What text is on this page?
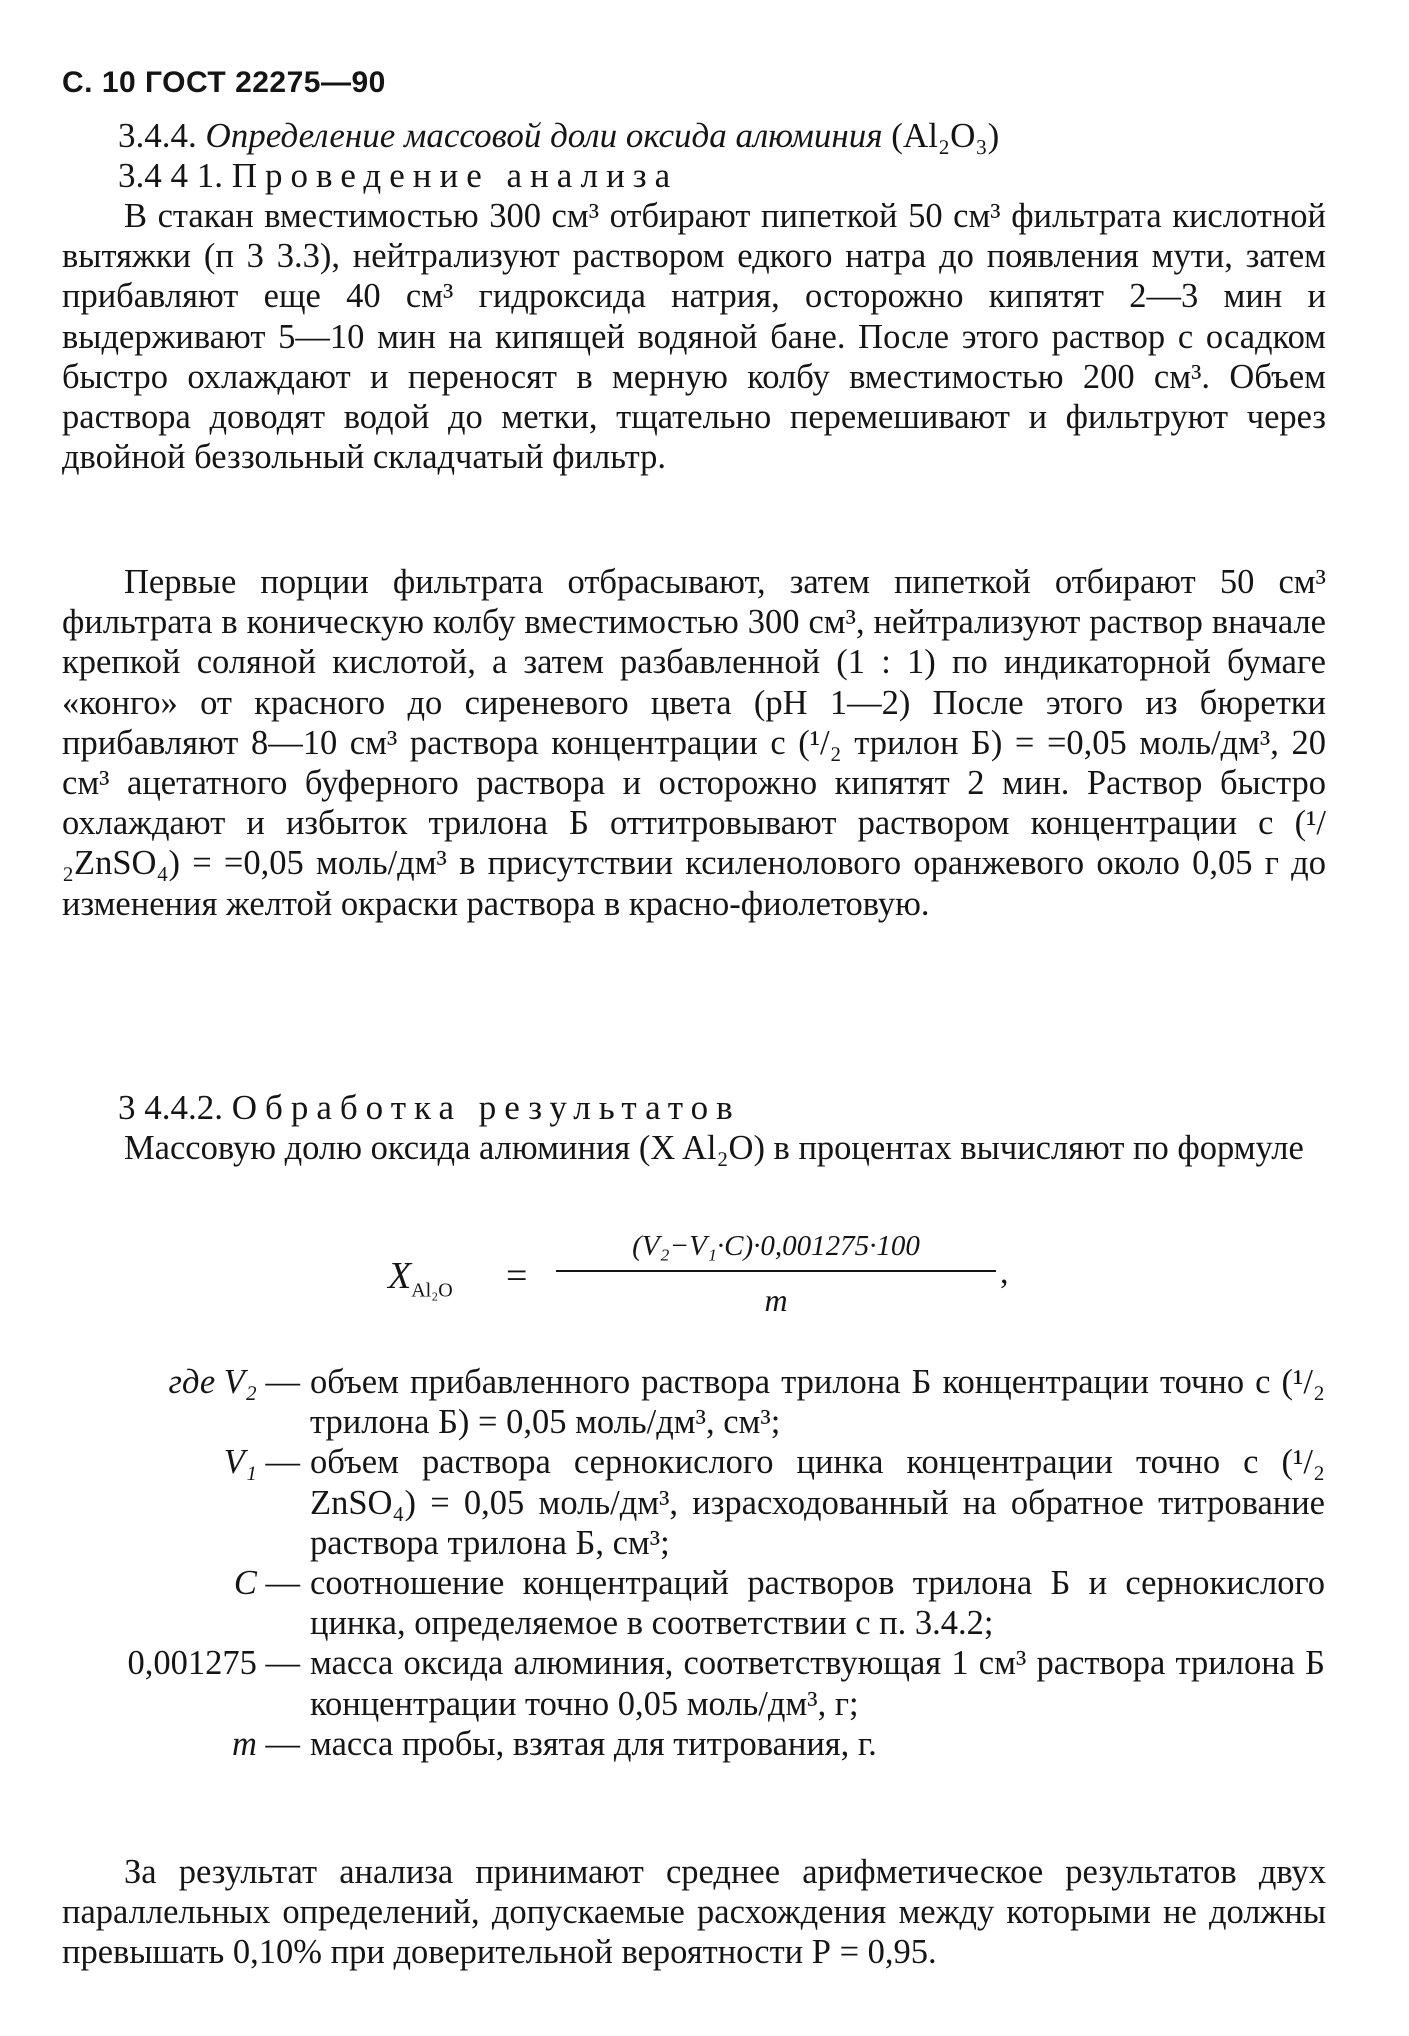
С. 10 ГОСТ 22275—90
3.4.4. Определение массовой доли оксида алюминия (Al₂O₃)
3.4 4 1. Проведение анализа
В стакан вместимостью 300 см³ отбирают пипеткой 50 см³ фильтрата кислотной вытяжки (п 3 3.3), нейтрализуют раствором едкого натра до появления мути, затем прибавляют еще 40 см³ гидроксида натрия, осторожно кипятят 2—3 мин и выдерживают 5—10 мин на кипящей водяной бане. После этого раствор с осадком быстро охлаждают и переносят в мерную колбу вместимостью 200 см³. Объем раствора доводят водой до метки, тщательно перемешивают и фильтруют через двойной беззольный складчатый фильтр.
Первые порции фильтрата отбрасывают, затем пипеткой отбирают 50 см³ фильтрата в коническую колбу вместимостью 300 см³, нейтрализуют раствор вначале крепкой соляной кислотой, а затем разбавленной (1 : 1) по индикаторной бумаге «конго» от красного до сиреневого цвета (рН 1—2) После этого из бюретки прибавляют 8—10 см³ раствора концентрации с (¹/₂ трилон Б) = =0,05 моль/дм³, 20 см³ ацетатного буферного раствора и осторожно кипятят 2 мин. Раствор быстро охлаждают и избыток трилона Б оттитровывают раствором концентрации с (¹/₂ZnSO₄) = =0,05 моль/дм³ в присутствии ксиленолового оранжевого около 0,05 г до изменения желтой окраски раствора в красно-фиолетовую.
3 4.4.2. Обработка результатов
Массовую долю оксида алюминия (X Al₂O) в процентах вычисляют по формуле
$X_{Al_2O}$ =
(V₂−V₁·C)·0,001275·100
m
,
где V₂ — объем прибавленного раствора трилона Б концентрации точно с (¹/₂ трилона Б) = 0,05 моль/дм³, см³;
V₁ — объем раствора сернокислого цинка концентрации точно с (¹/₂ ZnSO₄) = 0,05 моль/дм³, израсходованный на обратное титрование раствора трилона Б, см³;
С — соотношение концентраций растворов трилона Б и сернокислого цинка, определяемое в соответствии с п. 3.4.2;
0,001275 — масса оксида алюминия, соответствующая 1 см³ раствора трилона Б концентрации точно 0,05 моль/дм³, г;
m — масса пробы, взятая для титрования, г.
За результат анализа принимают среднее арифметическое результатов двух параллельных определений, допускаемые расхождения между которыми не должны превышать 0,10% при доверительной вероятности Р = 0,95.
